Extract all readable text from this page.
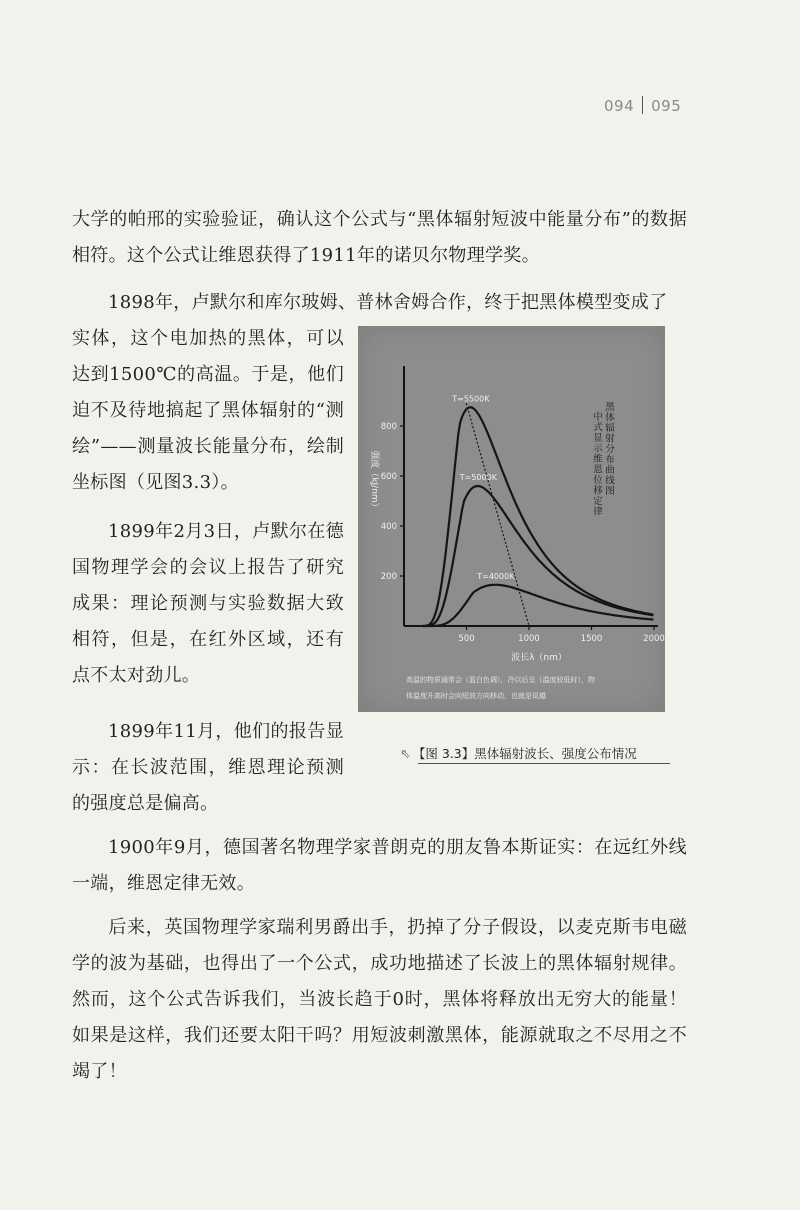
094 095

大学的帕邢的实验验证，确认这个公式与“黑体辐射短波中能量分布”的数据相符。这个公式让维恩获得了1911年的诺贝尔物理学奖。

1898年，卢默尔和库尔玻姆、普林舍姆合作，终于把黑体模型变成了

实体，这个电加热的黑体，可以达到1500℃的高温。于是，他们迫不及待地搞起了黑体辐射的“测绘”——测量波长能量分布，绘制坐标图（见图3.3）。

1899年2月3日，卢默尔在德国物理学会的会议上报告了研究成果：理论预测与实验数据大致相符，但是，在红外区域，还有点不太对劲儿。

1899年11月，他们的报告显示：在长波范围，维恩理论预测的强度总是偏高。

1900年9月，德国著名物理学家普朗克的朋友鲁本斯证实：在远红外线一端，维恩定律无效。

后来，英国物理学家瑞利男爵出手，扔掉了分子假设，以麦克斯韦电磁学的波为基础，也得出了一个公式，成功地描述了长波上的黑体辐射规律。然而，这个公式告诉我们，当波长趋于0时，黑体将释放出无穷大的能量！如果是这样，我们还要太阳干吗？用短波刺激黑体，能源就取之不尽用之不竭了！

500	1000	1500	2000
200
400
600
800
波长λ（nm）
强度（kJ/nm）
T=5500K
T=5000K
T=4000K
黑
体
辐
射
分
布
曲
线
图
中
式
显
示
维
恩
位
移
定
律
高温的物质通常会（蓝白色调），冷以后呈（温度较低时），物
体温度升高时会向短波方向移动，也就是说越
⇖ 【图 3.3】黑体辐射波长、强度公布情况
